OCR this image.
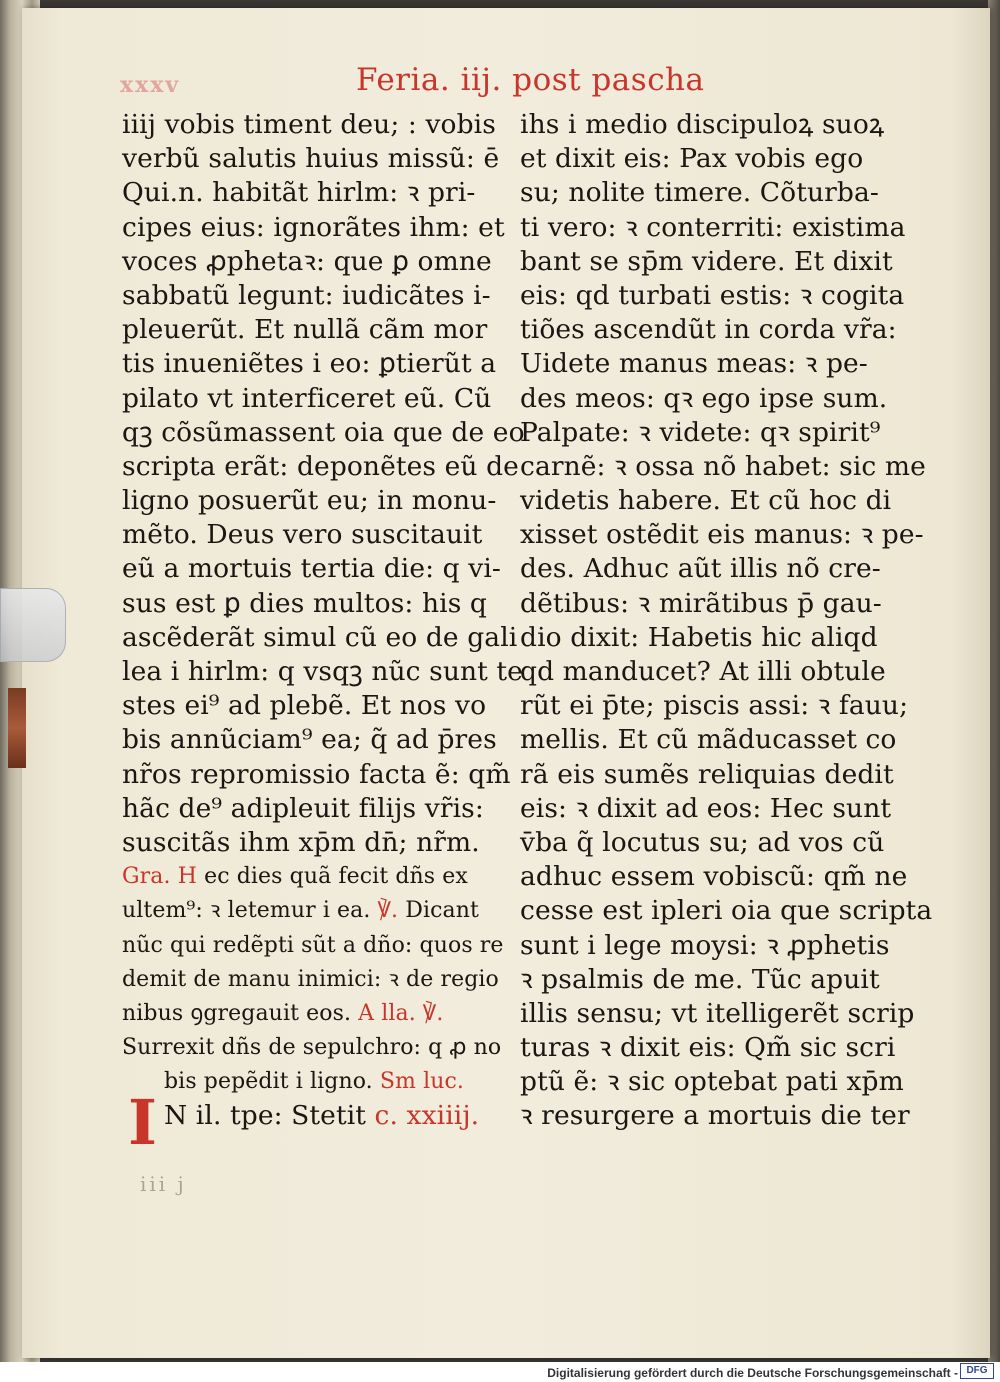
xxxv	Feria. iij. post pascha
iiij vobis timent deu; : vobis
verbũ salutis huius missũ: ē
Qui.n. habitãt hirlm: ꝛ pri-
cipes eius: ignorãtes ihm: et
voces ꝓphetaꝛ: que ꝑ omne
sabbatũ legunt: iudicãtes i-
pleuerũt. Et nullã cãm mor
tis inueniẽtes i eo: ꝑtierũt a
pilato vt interficeret eũ. Cũ
qꝫ cõsũmassent oia que de eo
scripta erãt: deponẽtes eũ de
ligno posuerũt eu; in monu-
mẽto. Deus vero suscitauit
eũ a mortuis tertia die: q vi-
sus est ꝑ dies multos: his q
ascẽderãt simul cũ eo de gali
lea i hirlm: q vsqꝫ nũc sunt te
stes ei⁹ ad plebẽ. Et nos vo
bis annũciam⁹ ea; q̃ ad p̄res
nr̃os repromissio facta ẽ: qm̃
hãc de⁹ adipleuit filijs vr̃is:
suscitãs ihm xp̄m dn̄; nr̃m.
Gra. H ec dies quã fecit dñs ex
ultem⁹: ꝛ letemur i ea. ℣. Dicant
nũc qui redẽpti sũt a dño: quos re
demit de manu inimici: ꝛ de regio
nibus ꝯgregauit eos. A lla. ℣.
Surrexit dñs de sepulchro: q ꝓ no
bis pepẽdit i ligno. Sm luc.
N il. tpe: Stetit c. xxiiij.
ihs i medio discipuloꝝ suoꝝ
et dixit eis: Pax vobis ego
su; nolite timere. Cõturba-
ti vero: ꝛ conterriti: existima
bant se sp̄m videre. Et dixit
eis: qd turbati estis: ꝛ cogita
tiões ascendũt in corda vr̃a:
Uidete manus meas: ꝛ pe-
des meos: qꝛ ego ipse sum.
Palpate: ꝛ videte: qꝛ spirit⁹
carnẽ: ꝛ ossa nõ habet: sic me
videtis habere. Et cũ hoc di
xisset ostẽdit eis manus: ꝛ pe-
des. Adhuc aũt illis nõ cre-
dẽtibus: ꝛ mirãtibus p̄ gau-
dio dixit: Habetis hic aliqd
qd manducet? At illi obtule
rũt ei p̄te; piscis assi: ꝛ fauu;
mellis. Et cũ mãducasset co
rã eis sumẽs reliquias dedit
eis: ꝛ dixit ad eos: Hec sunt
v̄ba q̃ locutus su; ad vos cũ
adhuc essem vobiscũ: qm̃ ne
cesse est ipleri oia que scripta
sunt i lege moysi: ꝛ ꝓphetis
ꝛ psalmis de me. Tũc apuit
illis sensu; vt itelligerẽt scrip
turas ꝛ dixit eis: Qm̃ sic scri
ptũ ẽ: ꝛ sic optebat pati xp̄m
ꝛ resurgere a mortuis die ter
I
iii j
Digitalisierung gefördert durch die Deutsche Forschungsgemeinschaft - DFG
